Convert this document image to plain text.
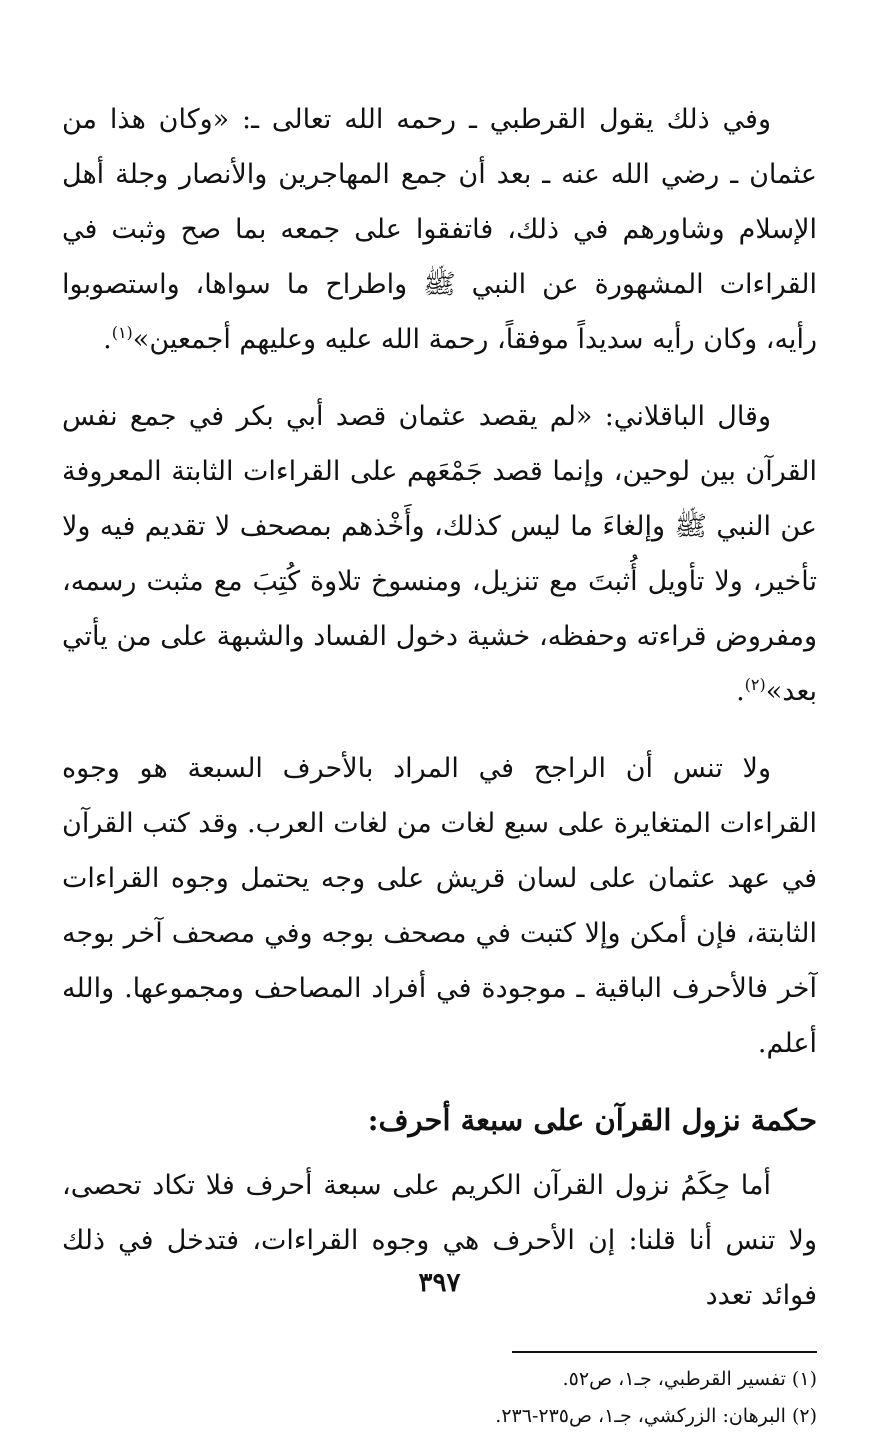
وفي ذلك يقول القرطبي ـ رحمه الله تعالى ـ: «وكان هذا من عثمان ـ رضي الله عنه ـ بعد أن جمع المهاجرين والأنصار وجلة أهل الإسلام وشاورهم في ذلك، فاتفقوا على جمعه بما صح وثبت في القراءات المشهورة عن النبي ﷺ واطراح ما سواها، واستصوبوا رأيه، وكان رأيه سديداً موفقاً، رحمة الله عليه وعليهم أجمعين»$^{(١)}$.

وقال الباقلاني: «لم يقصد عثمان قصد أبي بكر في جمع نفس القرآن بين لوحين، وإنما قصد جَمْعَهم على القراءات الثابتة المعروفة عن النبي ﷺ وإلغاءَ ما ليس كذلك، وأَخْذهم بمصحف لا تقديم فيه ولا تأخير، ولا تأويل أُثبتَ مع تنزيل، ومنسوخ تلاوة كُتِبَ مع مثبت رسمه، ومفروض قراءته وحفظه، خشية دخول الفساد والشبهة على من يأتي بعد»$^{(٢)}$.

ولا تنس أن الراجح في المراد بالأحرف السبعة هو وجوه القراءات المتغايرة على سبع لغات من لغات العرب. وقد كتب القرآن في عهد عثمان على لسان قريش على وجه يحتمل وجوه القراءات الثابتة، فإن أمكن وإلا كتبت في مصحف بوجه وفي مصحف آخر بوجه آخر فالأحرف الباقية ـ موجودة في أفراد المصاحف ومجموعها. والله أعلم.

حكمة نزول القرآن على سبعة أحرف:

أما حِكَمُ نزول القرآن الكريم على سبعة أحرف فلا تكاد تحصى، ولا تنس أنا قلنا: إن الأحرف هي وجوه القراءات، فتدخل في ذلك فوائد تعدد

(١) تفسير القرطبي، جـ١، ص٥٢.

(٢) البرهان: الزركشي، جـ١، ص٢٣٥-٢٣٦.

٣٩٧
